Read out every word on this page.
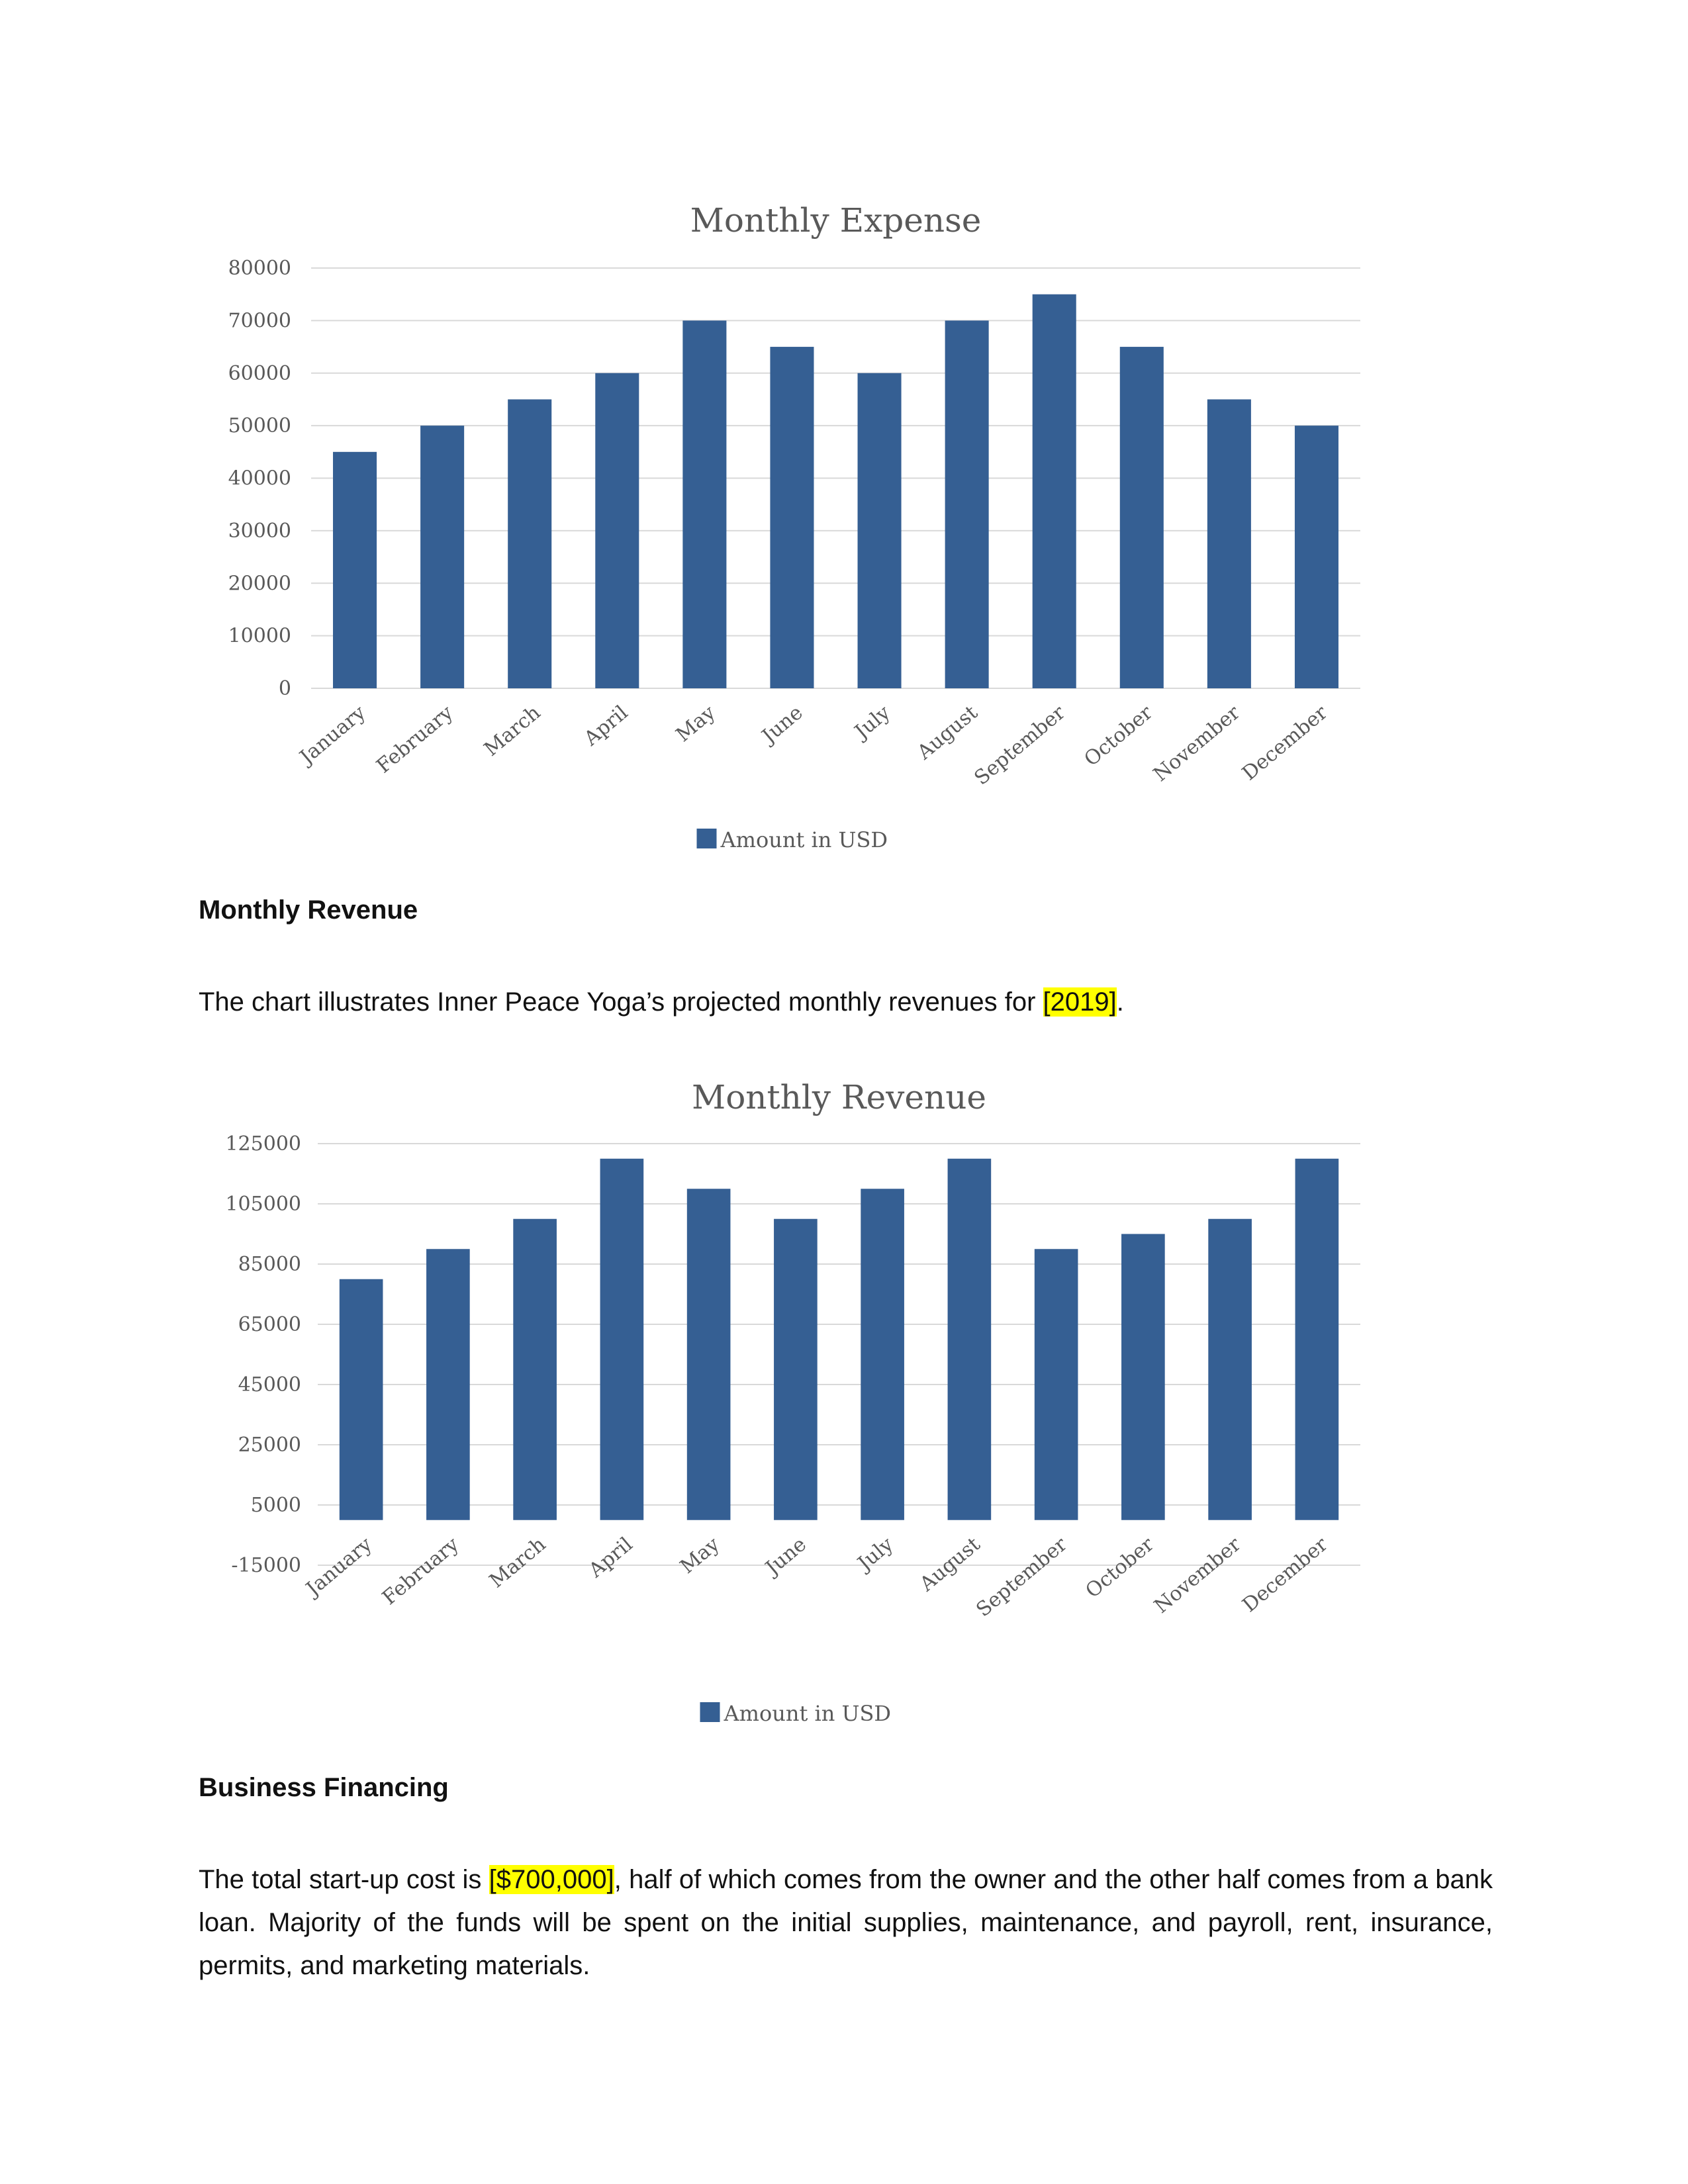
Monthly Expense
0
10000
20000
30000
40000
50000
60000
70000
80000
January February March April May June July August
September October
November
December
Amount in USD
Monthly Revenue

The chart illustrates Inner Peace Yoga’s projected monthly revenues for [2019].

Monthly Revenue
-15000
5000
25000
45000
65000
85000
105000
125000
January February March April May June July August
September October
November
December
Amount in USD
Business Financing

The total start-up cost is [$700,000], half of which comes from the owner and the other half comes from a bank loan. Majority of the funds will be spent on the initial supplies, maintenance, and payroll, rent, insurance, permits, and marketing materials.
